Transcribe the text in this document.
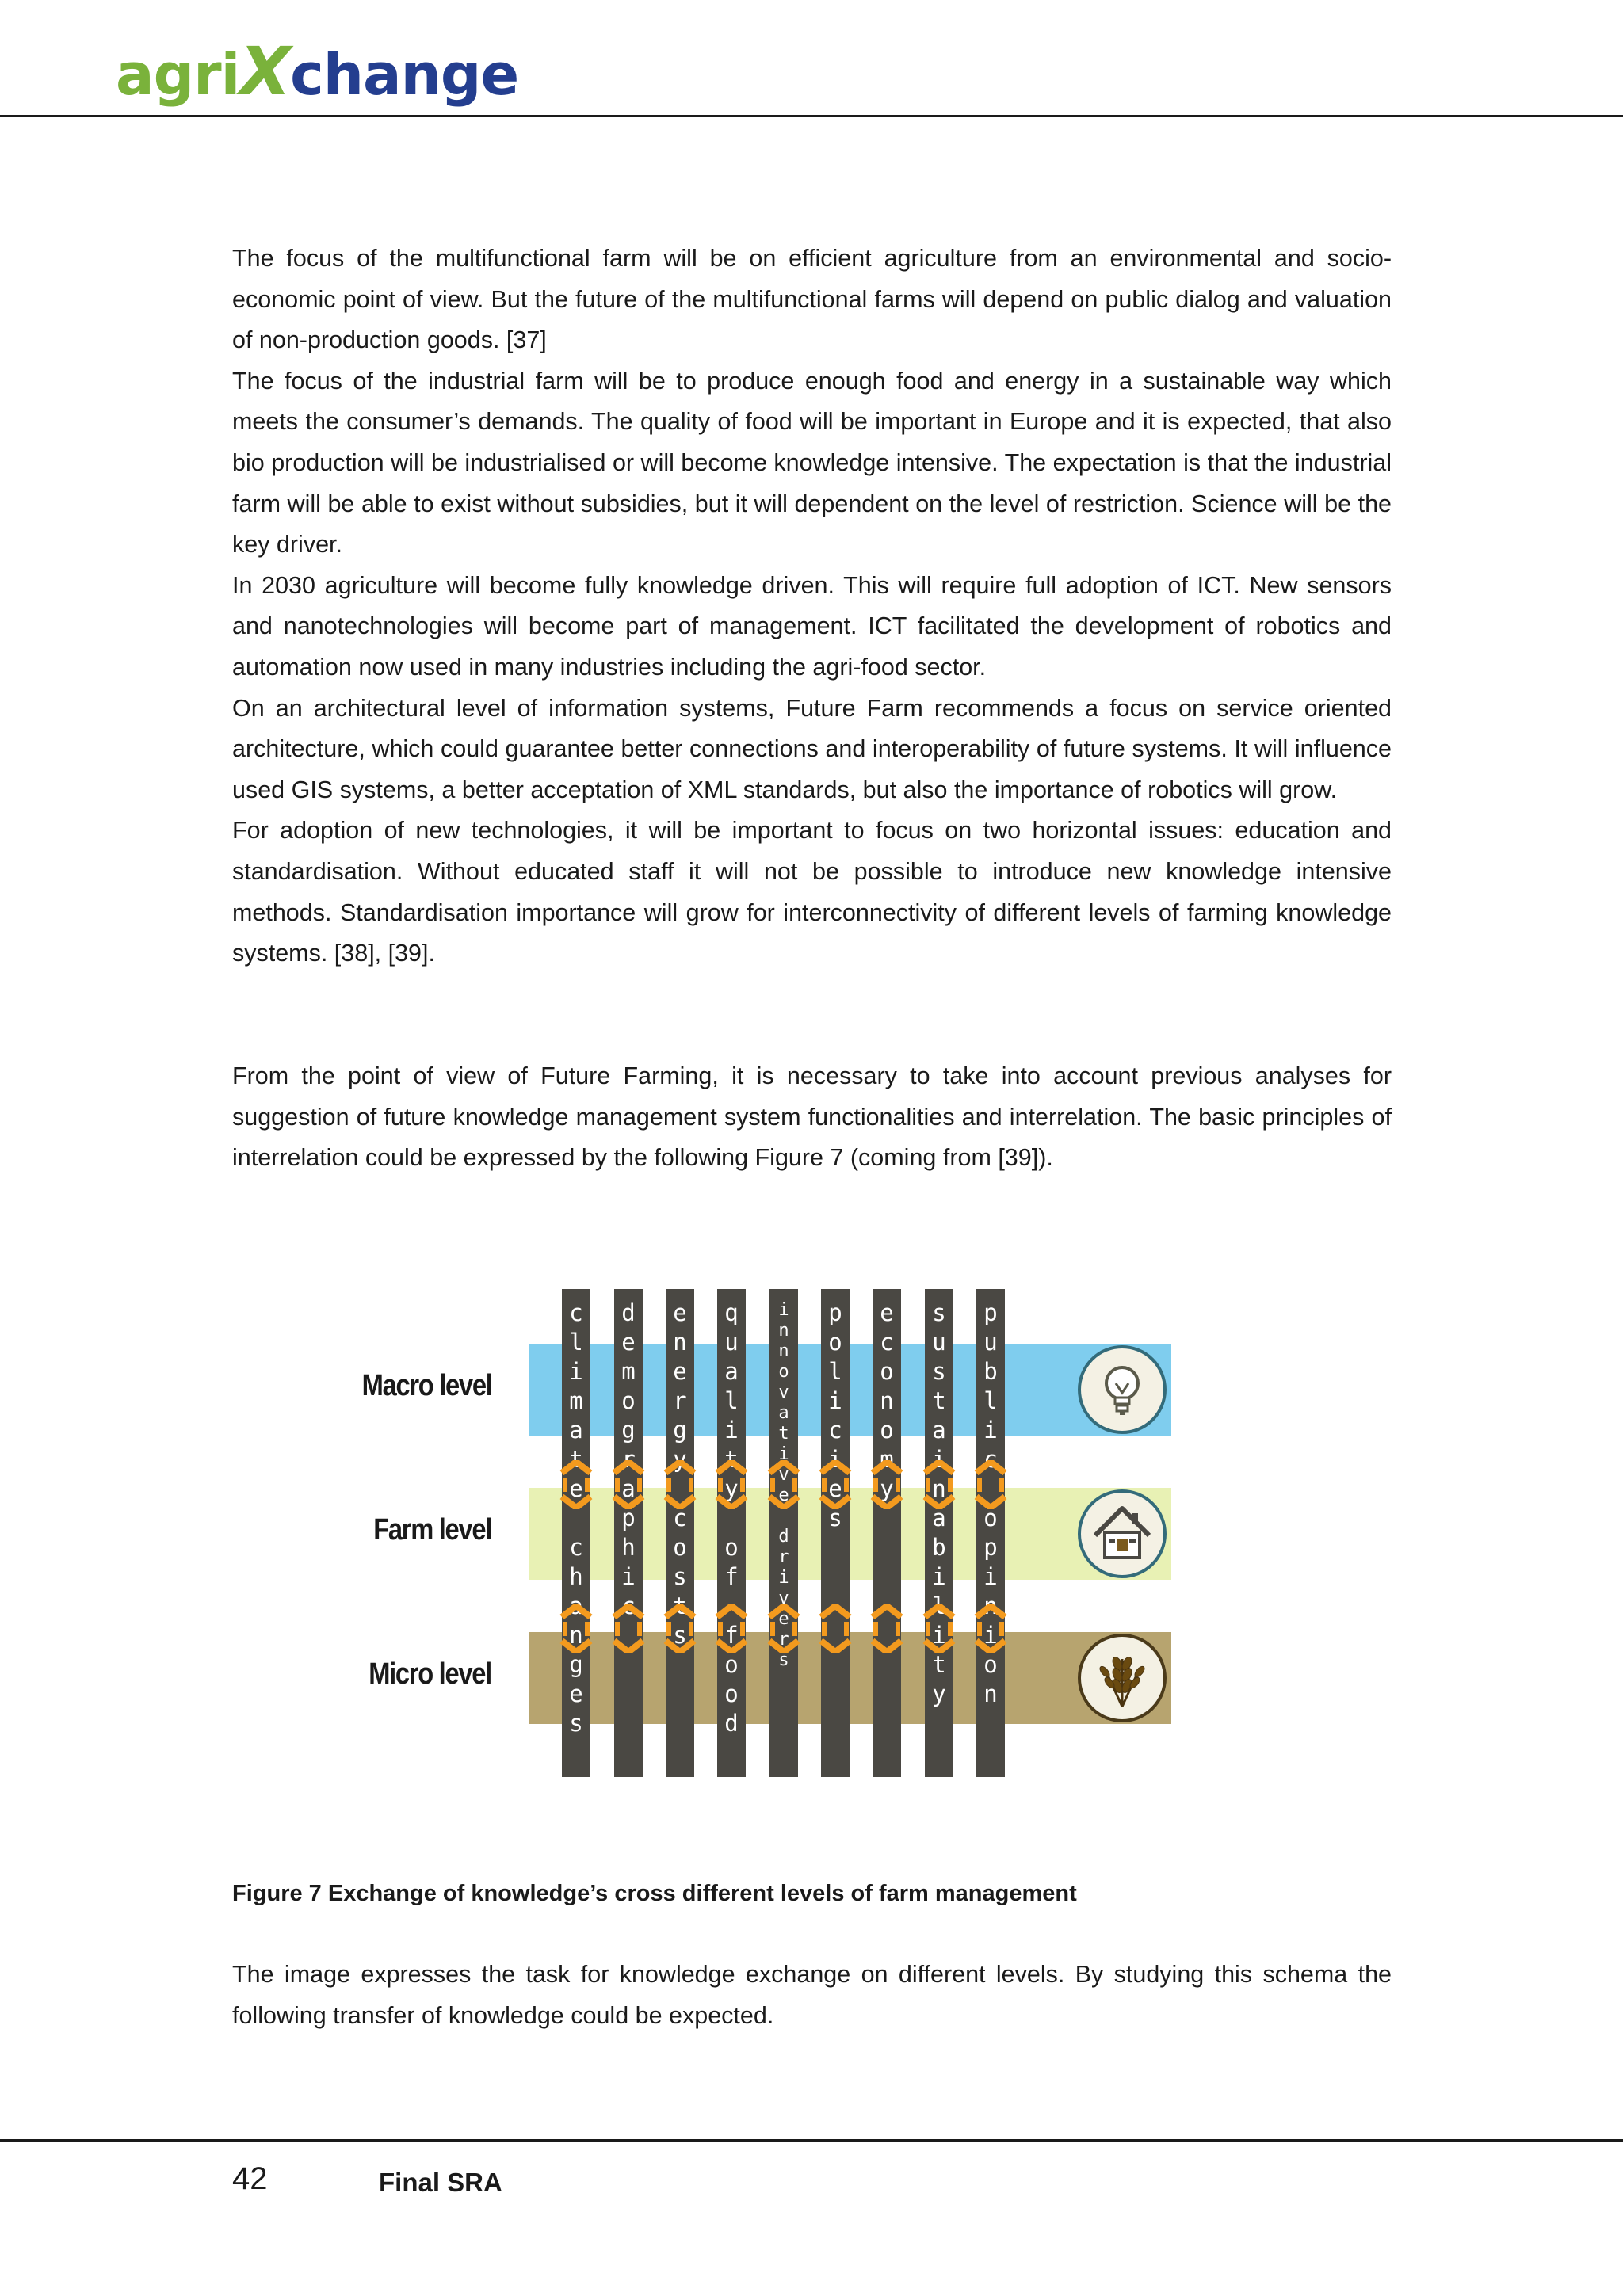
agriXchange

The focus of the multifunctional farm will be on efficient agriculture from an environmental and socio-economic point of view. But the future of the multifunctional farms will depend on public dialog and valuation of non-production goods. [37]

The focus of the industrial farm will be to produce enough food and energy in a sustainable way which meets the consumer’s demands. The quality of food will be important in Europe and it is expected, that also bio production will be industrialised or will become knowledge intensive. The expectation is that the industrial farm will be able to exist without subsidies, but it will dependent on the level of restriction. Science will be the key driver.

In 2030 agriculture will become fully knowledge driven. This will require full adoption of ICT. New sensors and nanotechnologies will become part of management. ICT facilitated the development of robotics and automation now used in many industries including the agri-food sector.

On an architectural level of information systems, Future Farm recommends a focus on service oriented architecture, which could guarantee better connections and interoperability of future systems. It will influence used GIS systems, a better acceptation of XML standards, but also the importance of robotics will grow.

For adoption of new technologies, it will be important to focus on two horizontal issues: education and standardisation. Without educated staff it will not be possible to introduce new knowledge intensive methods. Standardisation importance will grow for interconnectivity of different levels of farming knowledge systems. [38], [39].

From the point of view of Future Farming, it is necessary to take into account previous analyses for suggestion of future knowledge management system functionalities and interrelation. The basic principles of interrelation could be expressed by the following Figure 7 (coming from [39]).

Macro level
Farm level
Micro level
c
l
i
m
a
t
e

c
h
a
n
g
e
s
d
e
m
o
g
r
a
p
h
i
c
e
n
e
r
g
y

c
o
s
t
s
q
u
a
l
i
t
y

o
f

f
o
o
d
i
n
n
o
v
a
t
i
v
e

d
r
i
v
e
r
s
p
o
l
i
c
i
e
s
e
c
o
n
o
m
y
s
u
s
t
a
i
n
a
b
i
l
i
t
y
p
u
b
l
i
c

o
p
i
n
i
o
n
Figure 7 Exchange of knowledge’s cross different levels of farm management

The image expresses the task for knowledge exchange on different levels. By studying this schema the following transfer of knowledge could be expected.

42	Final SRA
